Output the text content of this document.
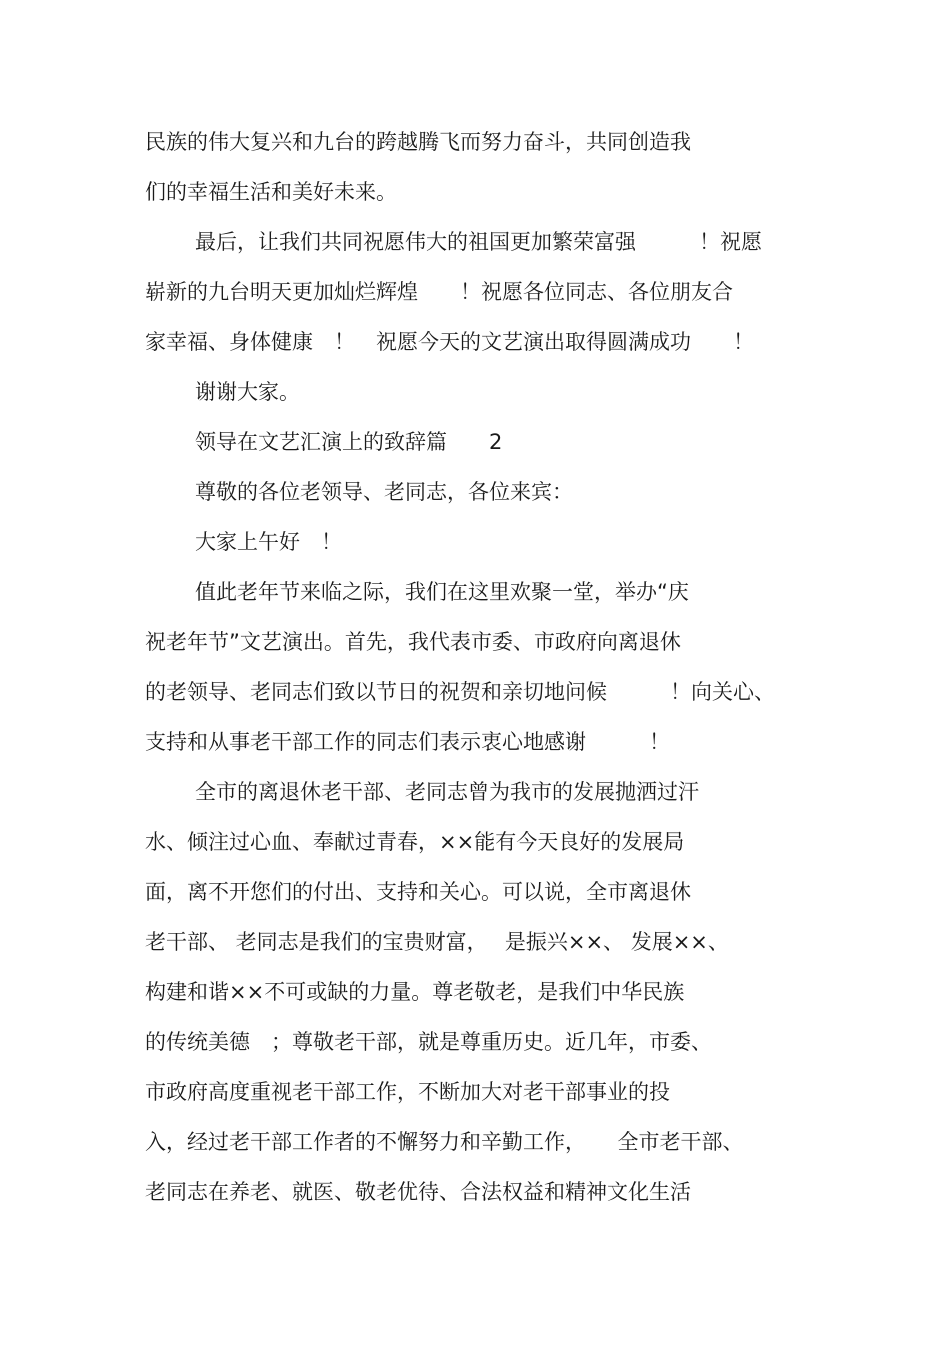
民族的伟大复兴和九台的跨越腾飞而努力奋斗，共同创造我
们的幸福生活和美好未来。
最后，让我们共同祝愿伟大的祖国更加繁荣富强　　　！祝愿
崭新的九台明天更加灿烂辉煌　　！祝愿各位同志、各位朋友合
家幸福、身体健康　！　祝愿今天的文艺演出取得圆满成功　　！
谢谢大家。
领导在文艺汇演上的致辞篇　　2
尊敬的各位老领导、老同志，各位来宾：
大家上午好　！
值此老年节来临之际，我们在这里欢聚一堂，举办“庆
祝老年节”文艺演出。首先，我代表市委、市政府向离退休
的老领导、老同志们致以节日的祝贺和亲切地问候　　　！向关心、
支持和从事老干部工作的同志们表示衷心地感谢　　　！
全市的离退休老干部、老同志曾为我市的发展抛洒过汗
水、倾注过心血、奉献过青春，××能有今天良好的发展局
面，离不开您们的付出、支持和关心。可以说，全市离退休
老干部、 老同志是我们的宝贵财富，　 是振兴××、 发展××、
构建和谐××不可或缺的力量。尊老敬老，是我们中华民族
的传统美德　；尊敬老干部，就是尊重历史。近几年，市委、
市政府高度重视老干部工作，不断加大对老干部事业的投
入，经过老干部工作者的不懈努力和辛勤工作，　　全市老干部、
老同志在养老、就医、敬老优待、合法权益和精神文化生活
